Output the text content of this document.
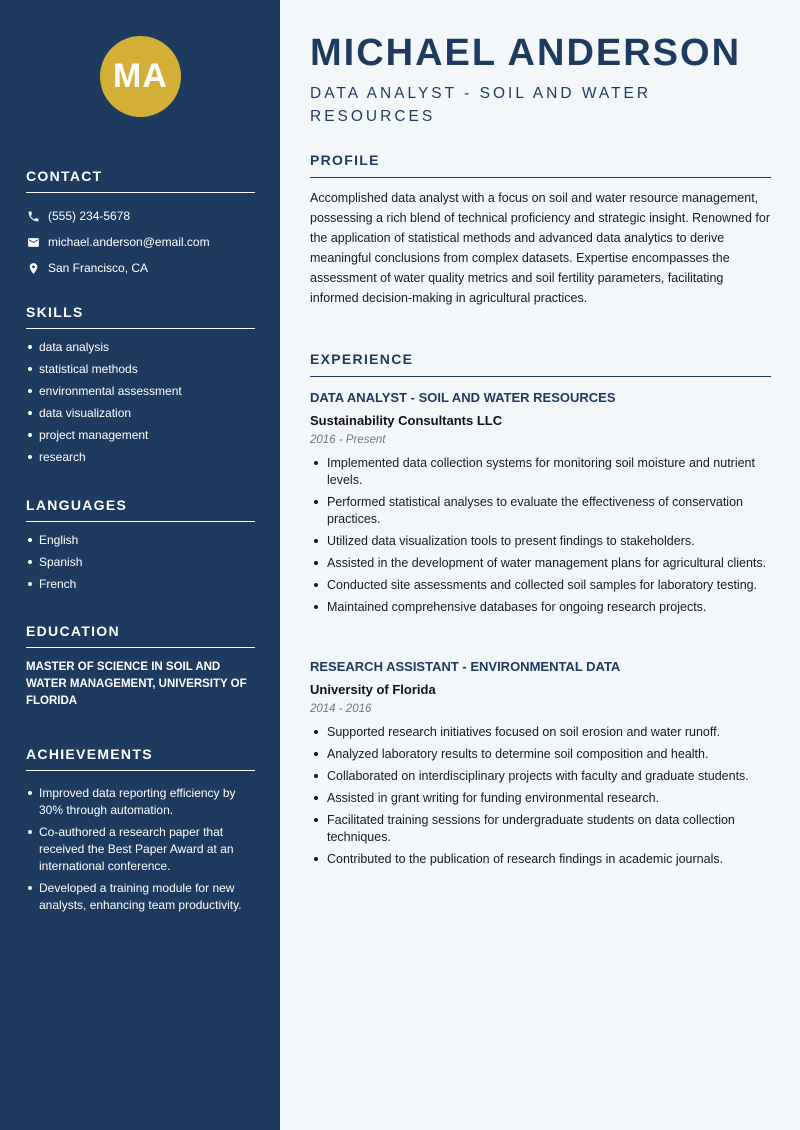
MA
CONTACT
(555) 234-5678
michael.anderson@email.com
San Francisco, CA
SKILLS
data analysis
statistical methods
environmental assessment
data visualization
project management
research
LANGUAGES
English
Spanish
French
EDUCATION

MASTER OF SCIENCE IN SOIL AND WATER MANAGEMENT, UNIVERSITY OF FLORIDA

ACHIEVEMENTS
Improved data reporting efficiency by 30% through automation.
Co-authored a research paper that received the Best Paper Award at an international conference.
Developed a training module for new analysts, enhancing team productivity.
MICHAEL ANDERSON
DATA ANALYST - SOIL AND WATER RESOURCES
PROFILE

Accomplished data analyst with a focus on soil and water resource management, possessing a rich blend of technical proficiency and strategic insight. Renowned for the application of statistical methods and advanced data analytics to derive meaningful conclusions from complex datasets. Expertise encompasses the assessment of water quality metrics and soil fertility parameters, facilitating informed decision-making in agricultural practices.

EXPERIENCE
DATA ANALYST - SOIL AND WATER RESOURCES
Sustainability Consultants LLC
2016 - Present
Implemented data collection systems for monitoring soil moisture and nutrient levels.
Performed statistical analyses to evaluate the effectiveness of conservation practices.
Utilized data visualization tools to present findings to stakeholders.
Assisted in the development of water management plans for agricultural clients.
Conducted site assessments and collected soil samples for laboratory testing.
Maintained comprehensive databases for ongoing research projects.
RESEARCH ASSISTANT - ENVIRONMENTAL DATA
University of Florida
2014 - 2016
Supported research initiatives focused on soil erosion and water runoff.
Analyzed laboratory results to determine soil composition and health.
Collaborated on interdisciplinary projects with faculty and graduate students.
Assisted in grant writing for funding environmental research.
Facilitated training sessions for undergraduate students on data collection techniques.
Contributed to the publication of research findings in academic journals.
